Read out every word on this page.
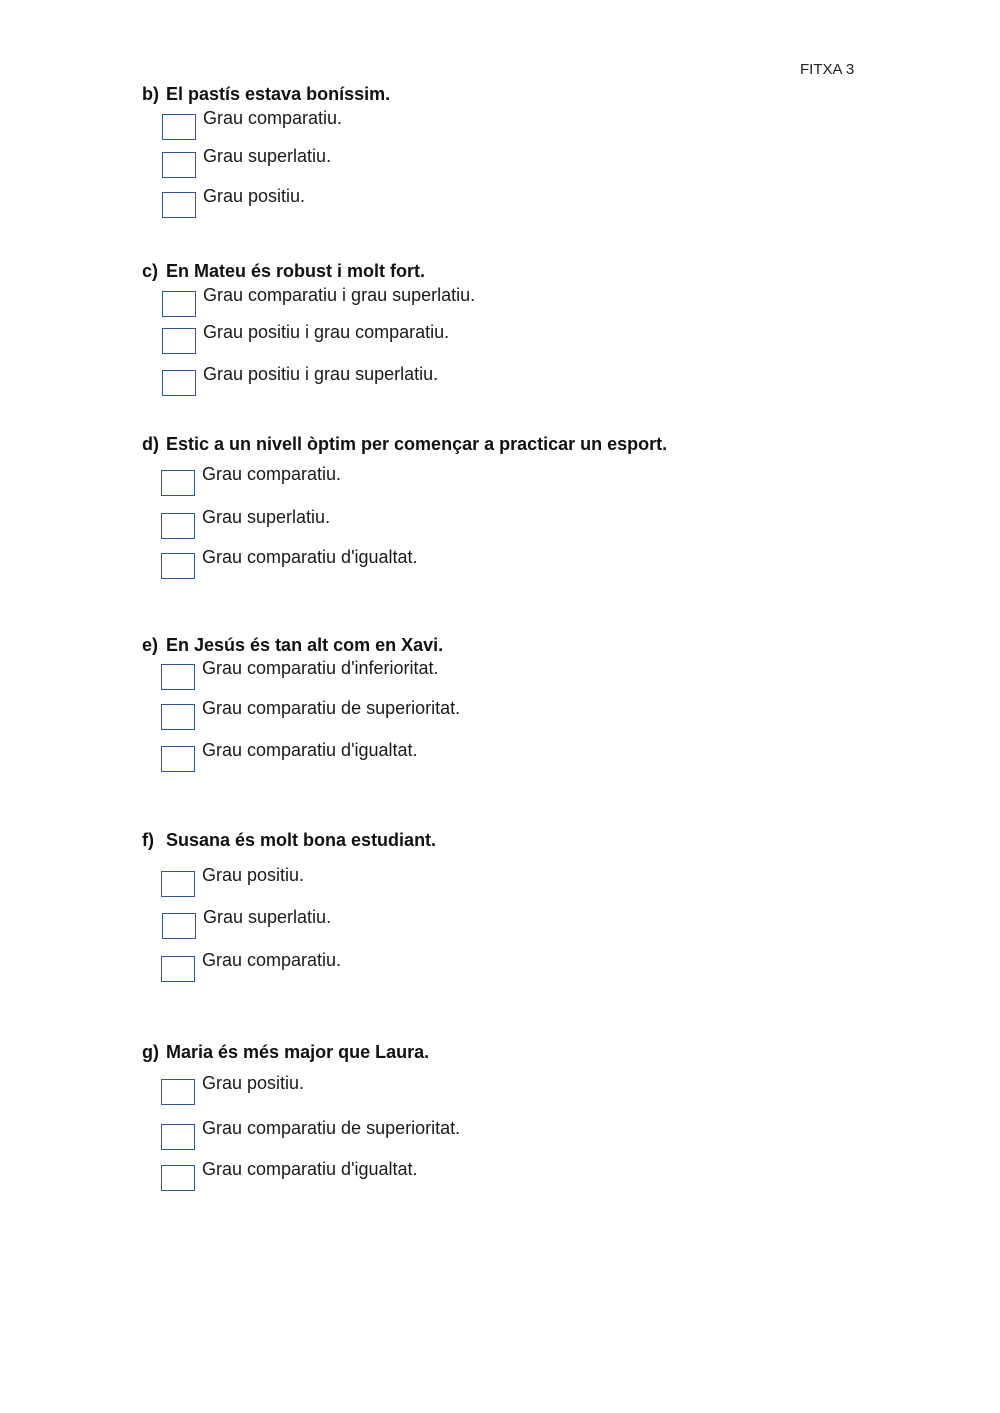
FITXA 3
b) El pastís estava boníssim.
Grau comparatiu.
Grau superlatiu.
Grau positiu.
c) En Mateu és robust i molt fort.
Grau comparatiu i grau superlatiu.
Grau positiu i grau comparatiu.
Grau positiu i grau superlatiu.
d) Estic a un nivell òptim per començar a practicar un esport.
Grau comparatiu.
Grau superlatiu.
Grau comparatiu d'igualtat.
e) En Jesús és tan alt com en Xavi.
Grau comparatiu d'inferioritat.
Grau comparatiu de superioritat.
Grau comparatiu d'igualtat.
f) Susana és molt bona estudiant.
Grau positiu.
Grau superlatiu.
Grau comparatiu.
g) Maria és més major que Laura.
Grau positiu.
Grau comparatiu de superioritat.
Grau comparatiu d'igualtat.
